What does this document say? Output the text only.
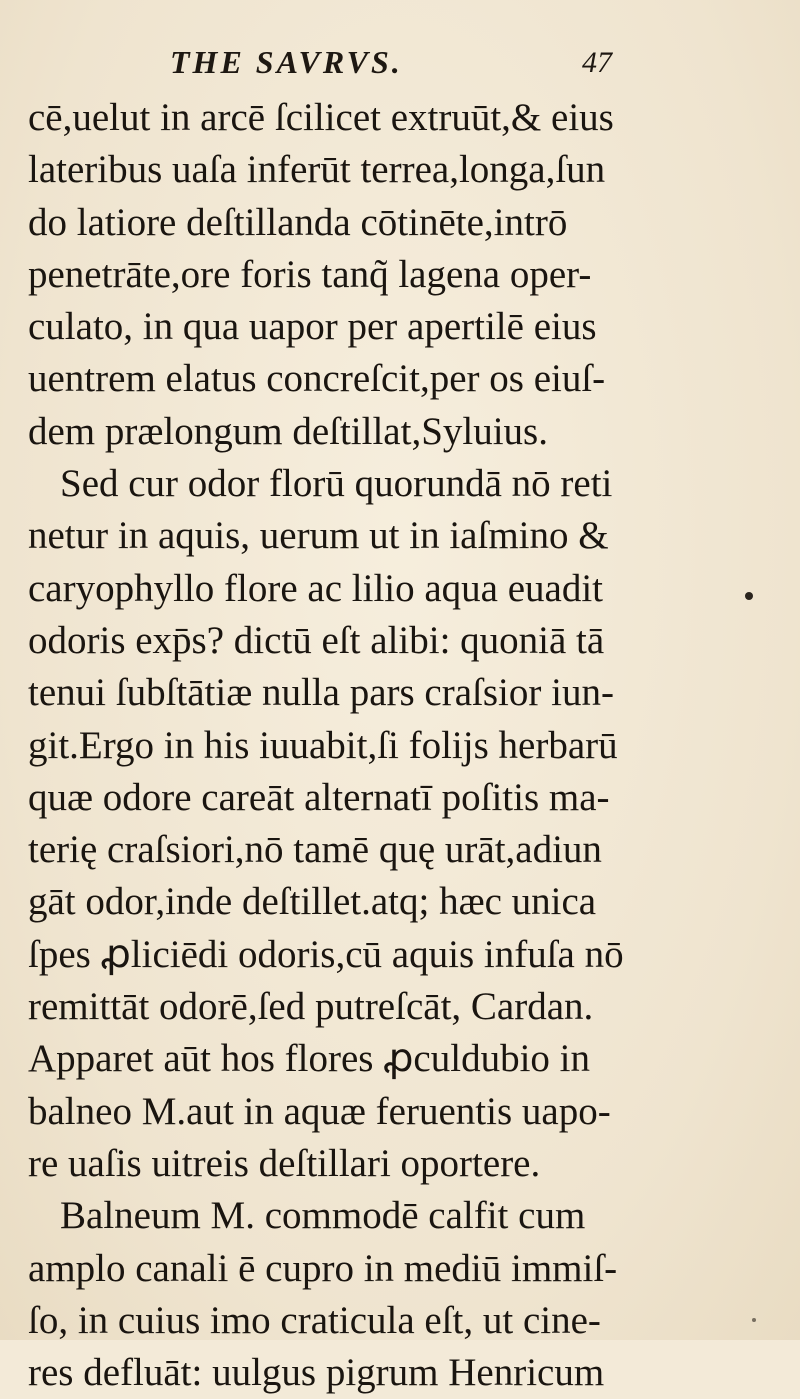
THE SAVRVS.	47
cē,uelut in arcē ſcilicet extruūt,& eius
lateribus uaſa inferūt terrea,longa,ſun
do latiore deſtillanda cōtinēte,intrō
penetrāte,ore foris tanq̃ lagena oper-
culato, in qua uapor per apertilē eius
uentrem elatus concreſcit,per os eiuſ-
dem prælongum deſtillat,Syluius.
Sed cur odor florū quorundā nō reti
netur in aquis, uerum ut in iaſmino &
caryophyllo flore ac lilio aqua euadit
odoris exp̄s? dictū eſt alibi: quoniā tā
tenui ſubſtātiæ nulla pars craſsior iun-
git.Ergo in his iuuabit,ſi folijs herbarū
quæ odore careāt alternatī poſitis ma-
terię craſsiori,nō tamē quę urāt,adiun
gāt odor,inde deſtillet.atq; hæc unica
ſpes ꝓliciēdi odoris,cū aquis infuſa nō
remittāt odorē,ſed putreſcāt, Cardan.
Apparet aūt hos flores ꝓculdubio in
balneo M.aut in aquæ feruentis uapo-
re uaſis uitreis deſtillari oportere.
Balneum M. commodē calfit cum
amplo canali ē cupro in mediū immiſ-
ſo, in cuius imo craticula eſt, ut cine-
res defluāt: uulgus pigrum Henricum
